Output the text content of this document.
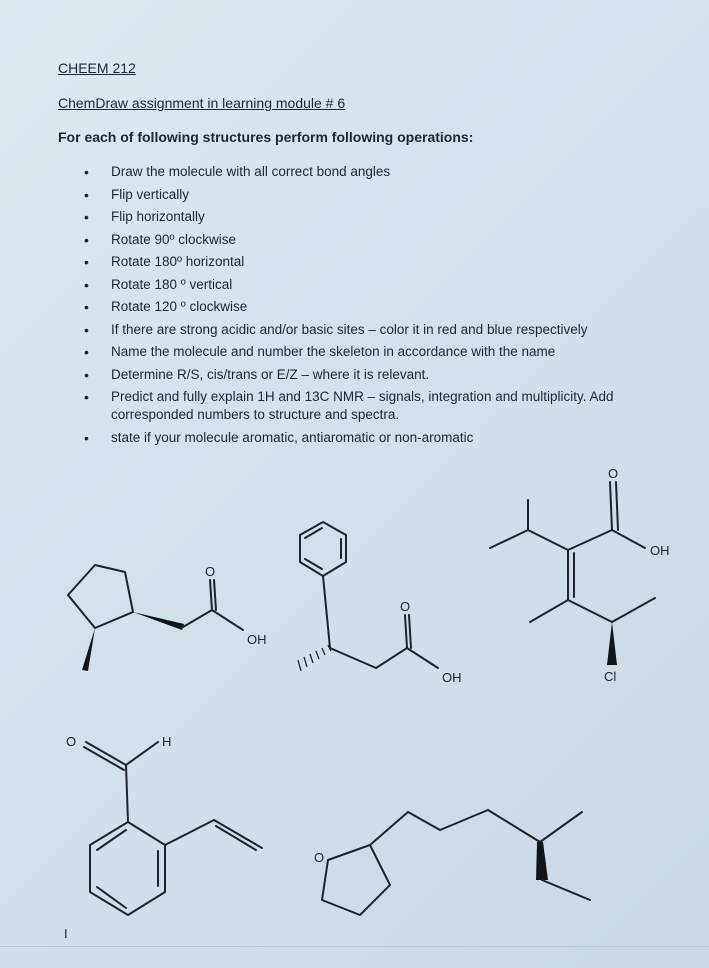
CHEEM 212
ChemDraw assignment in learning module # 6
For each of following structures perform following operations:
• Draw the molecule with all correct bond angles
• Flip vertically
• Flip horizontally
• Rotate 90º clockwise
• Rotate 180º horizontal
• Rotate 180 º vertical
• Rotate 120 º clockwise
• If there are strong acidic and/or basic sites – color it in red and blue respectively
• Name the molecule and number the skeleton in accordance with the name
• Determine R/S, cis/trans or E/Z – where it is relevant.
• Predict and fully explain 1H and 13C NMR – signals, integration and multiplicity. Add corresponded numbers to structure and spectra.
• state if your molecule aromatic, antiaromatic or non-aromatic
O
OH
O
OH
O
OH
Cl
O	H
I
O
